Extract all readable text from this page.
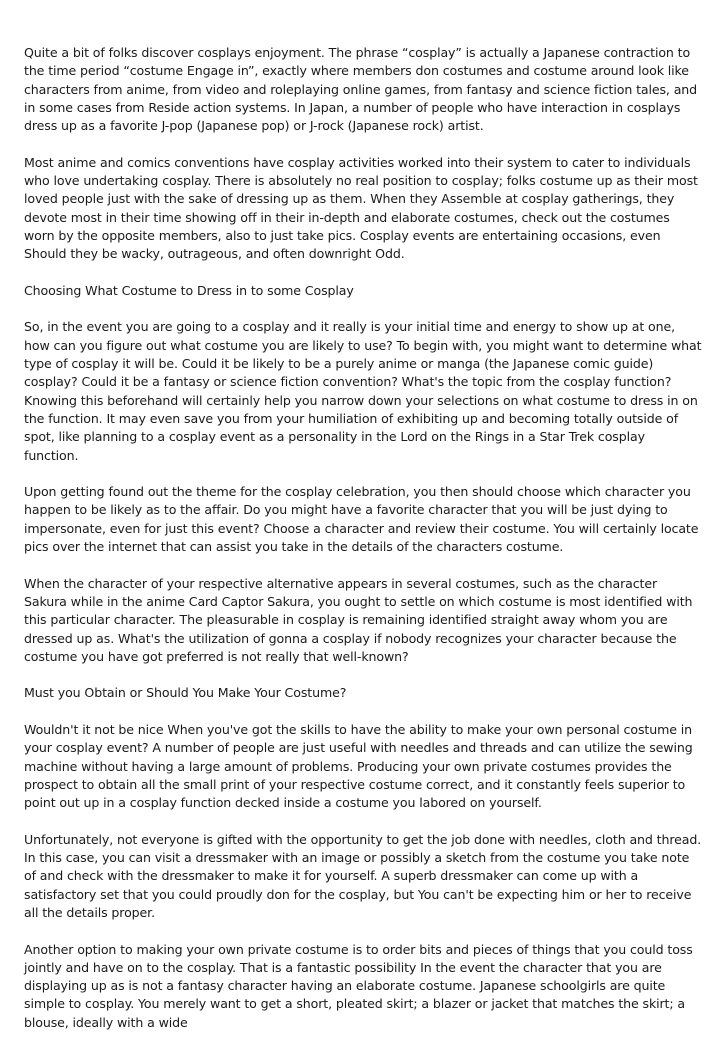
Quite a bit of folks discover cosplays enjoyment. The phrase “cosplay” is actually a Japanese contraction to the time period “costume Engage in”, exactly where members don costumes and costume around look like characters from anime, from video and roleplaying online games, from fantasy and science fiction tales, and in some cases from Reside action systems. In Japan, a number of people who have interaction in cosplays dress up as a favorite J-pop (Japanese pop) or J-rock (Japanese rock) artist.

Most anime and comics conventions have cosplay activities worked into their system to cater to individuals who love undertaking cosplay. There is absolutely no real position to cosplay; folks costume up as their most loved people just with the sake of dressing up as them. When they Assemble at cosplay gatherings, they devote most in their time showing off in their in-depth and elaborate costumes, check out the costumes worn by the opposite members, also to just take pics. Cosplay events are entertaining occasions, even Should they be wacky, outrageous, and often downright Odd.

Choosing What Costume to Dress in to some Cosplay

So, in the event you are going to a cosplay and it really is your initial time and energy to show up at one, how can you figure out what costume you are likely to use? To begin with, you might want to determine what type of cosplay it will be. Could it be likely to be a purely anime or manga (the Japanese comic guide) cosplay? Could it be a fantasy or science fiction convention? What's the topic from the cosplay function? Knowing this beforehand will certainly help you narrow down your selections on what costume to dress in on the function. It may even save you from your humiliation of exhibiting up and becoming totally outside of spot, like planning to a cosplay event as a personality in the Lord on the Rings in a Star Trek cosplay function.

Upon getting found out the theme for the cosplay celebration, you then should choose which character you happen to be likely as to the affair. Do you might have a favorite character that you will be just dying to impersonate, even for just this event? Choose a character and review their costume. You will certainly locate pics over the internet that can assist you take in the details of the characters costume.

When the character of your respective alternative appears in several costumes, such as the character Sakura while in the anime Card Captor Sakura, you ought to settle on which costume is most identified with this particular character. The pleasurable in cosplay is remaining identified straight away whom you are dressed up as. What's the utilization of gonna a cosplay if nobody recognizes your character because the costume you have got preferred is not really that well-known?

Must you Obtain or Should You Make Your Costume?

Wouldn't it not be nice When you've got the skills to have the ability to make your own personal costume in your cosplay event? A number of people are just useful with needles and threads and can utilize the sewing machine without having a large amount of problems. Producing your own private costumes provides the prospect to obtain all the small print of your respective costume correct, and it constantly feels superior to point out up in a cosplay function decked inside a costume you labored on yourself.

Unfortunately, not everyone is gifted with the opportunity to get the job done with needles, cloth and thread. In this case, you can visit a dressmaker with an image or possibly a sketch from the costume you take note of and check with the dressmaker to make it for yourself. A superb dressmaker can come up with a satisfactory set that you could proudly don for the cosplay, but You can't be expecting him or her to receive all the details proper.

Another option to making your own private costume is to order bits and pieces of things that you could toss jointly and have on to the cosplay. That is a fantastic possibility In the event the character that you are displaying up as is not a fantasy character having an elaborate costume. Japanese schoolgirls are quite simple to cosplay. You merely want to get a short, pleated skirt; a blazer or jacket that matches the skirt; a blouse, ideally with a wide
